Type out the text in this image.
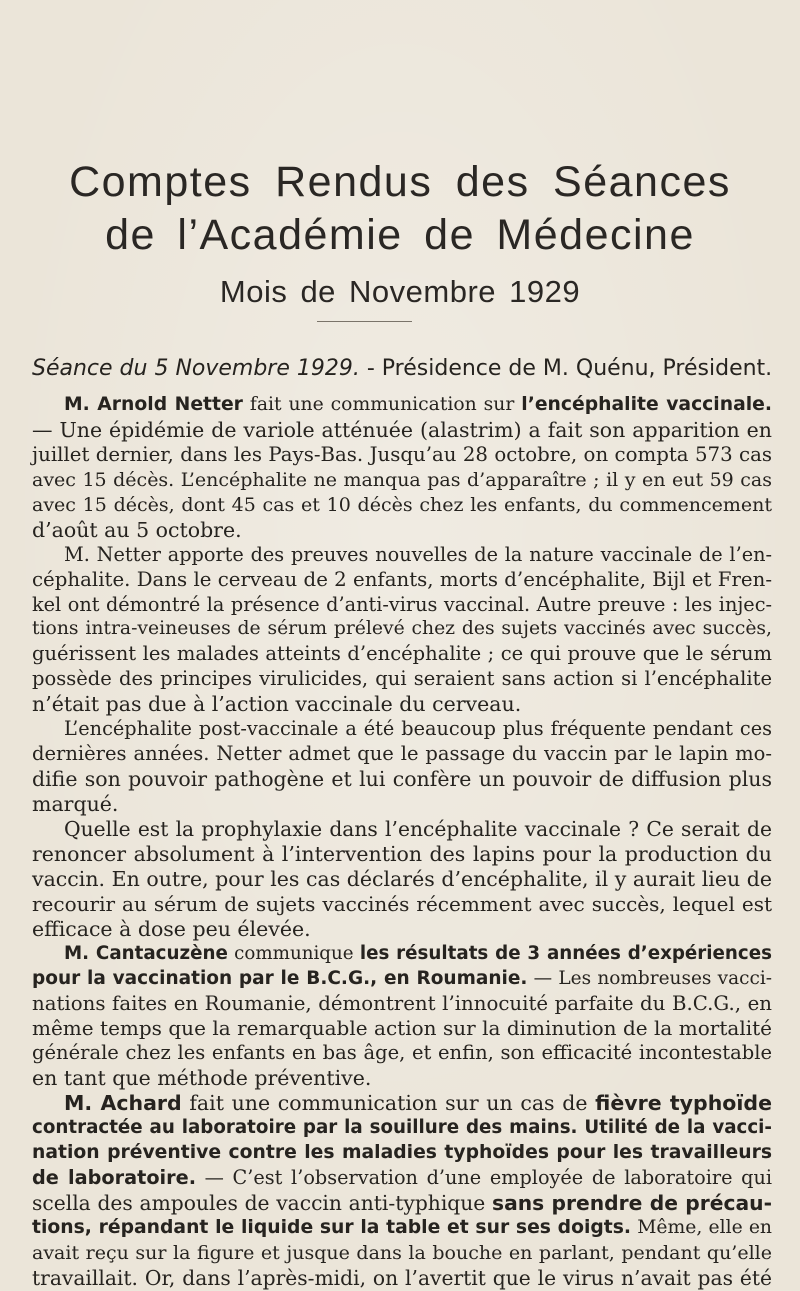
Comptes Rendus des Séances
de l’Académie de Médecine
Mois de Novembre 1929

Séance du 5 Novembre 1929. - Présidence de M. Quénu, Président.

M. Arnold Netter fait une communication sur l’encéphalite vaccinale.
— Une épidémie de variole atténuée (alastrim) a fait son apparition en
juillet dernier, dans les Pays-Bas. Jusqu’au 28 octobre, on compta 573 cas
avec 15 décès. L’encéphalite ne manqua pas d’apparaître ; il y en eut 59 cas
avec 15 décès, dont 45 cas et 10 décès chez les enfants, du commencement
d’août au 5 octobre.
M. Netter apporte des preuves nouvelles de la nature vaccinale de l’en-
céphalite. Dans le cerveau de 2 enfants, morts d’encéphalite, Bijl et Fren-
kel ont démontré la présence d’anti-virus vaccinal. Autre preuve : les injec-
tions intra-veineuses de sérum prélevé chez des sujets vaccinés avec succès,
guérissent les malades atteints d’encéphalite ; ce qui prouve que le sérum
possède des principes virulicides, qui seraient sans action si l’encéphalite
n’était pas due à l’action vaccinale du cerveau.
L’encéphalite post-vaccinale a été beaucoup plus fréquente pendant ces
dernières années. Netter admet que le passage du vaccin par le lapin mo-
difie son pouvoir pathogène et lui confère un pouvoir de diffusion plus
marqué.
Quelle est la prophylaxie dans l’encéphalite vaccinale ? Ce serait de
renoncer absolument à l’intervention des lapins pour la production du
vaccin. En outre, pour les cas déclarés d’encéphalite, il y aurait lieu de
recourir au sérum de sujets vaccinés récemment avec succès, lequel est
efficace à dose peu élevée.
M. Cantacuzène communique les résultats de 3 années d’expériences
pour la vaccination par le B.C.G., en Roumanie. — Les nombreuses vacci-
nations faites en Roumanie, démontrent l’innocuité parfaite du B.C.G., en
même temps que la remarquable action sur la diminution de la mortalité
générale chez les enfants en bas âge, et enfin, son efficacité incontestable
en tant que méthode préventive.
M. Achard fait une communication sur un cas de fièvre typhoïde
contractée au laboratoire par la souillure des mains. Utilité de la vacci-
nation préventive contre les maladies typhoïdes pour les travailleurs
de laboratoire. — C’est l’observation d’une employée de laboratoire qui
scella des ampoules de vaccin anti-typhique sans prendre de précau-
tions, répandant le liquide sur la table et sur ses doigts. Même, elle en
avait reçu sur la figure et jusque dans la bouche en parlant, pendant qu’elle
travaillait. Or, dans l’après-midi, on l’avertit que le virus n’avait pas été
